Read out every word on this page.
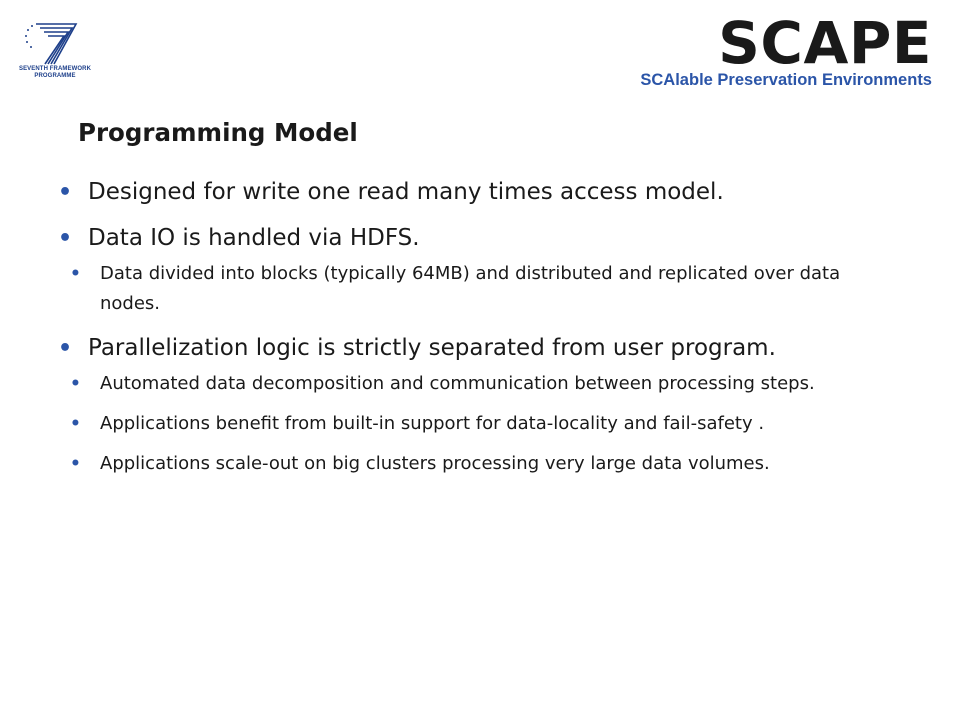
SEVENTH FRAMEWORK
PROGRAMME	SCAPE
SCAlable Preservation Environments
Programming Model
• Designed for write one read many times access model.
• Data IO is handled via HDFS.
• Data divided into blocks (typically 64MB) and distributed and replicated over data nodes.
• Parallelization logic is strictly separated from user program.
• Automated data decomposition and communication between processing steps.
• Applications benefit from built-in support for data-locality and fail-safety .
• Applications scale-out on big clusters processing very large data volumes.
